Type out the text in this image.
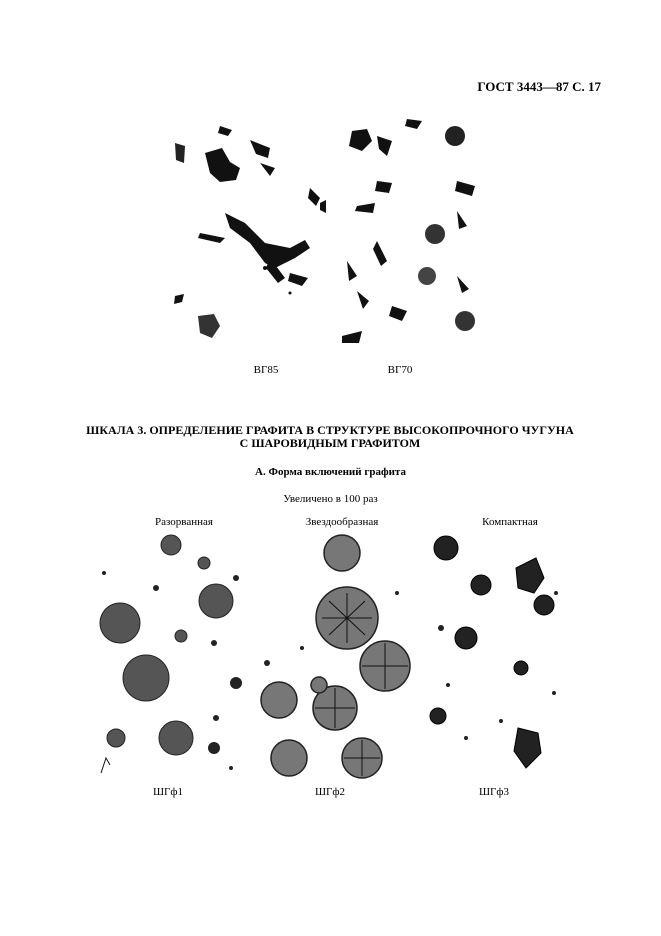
ГОСТ 3443—87 С. 17
ВГ85	ВГ70
ШКАЛА 3. ОПРЕДЕЛЕНИЕ ГРАФИТА В СТРУКТУРЕ ВЫСОКОПРОЧНОГО ЧУГУНА
С ШАРОВИДНЫМ ГРАФИТОМ
А. Форма включений графита
Увеличено в 100 раз
Разорванная	Звездообразная	Компактная
ШГф1	ШГф2	ШГф3
